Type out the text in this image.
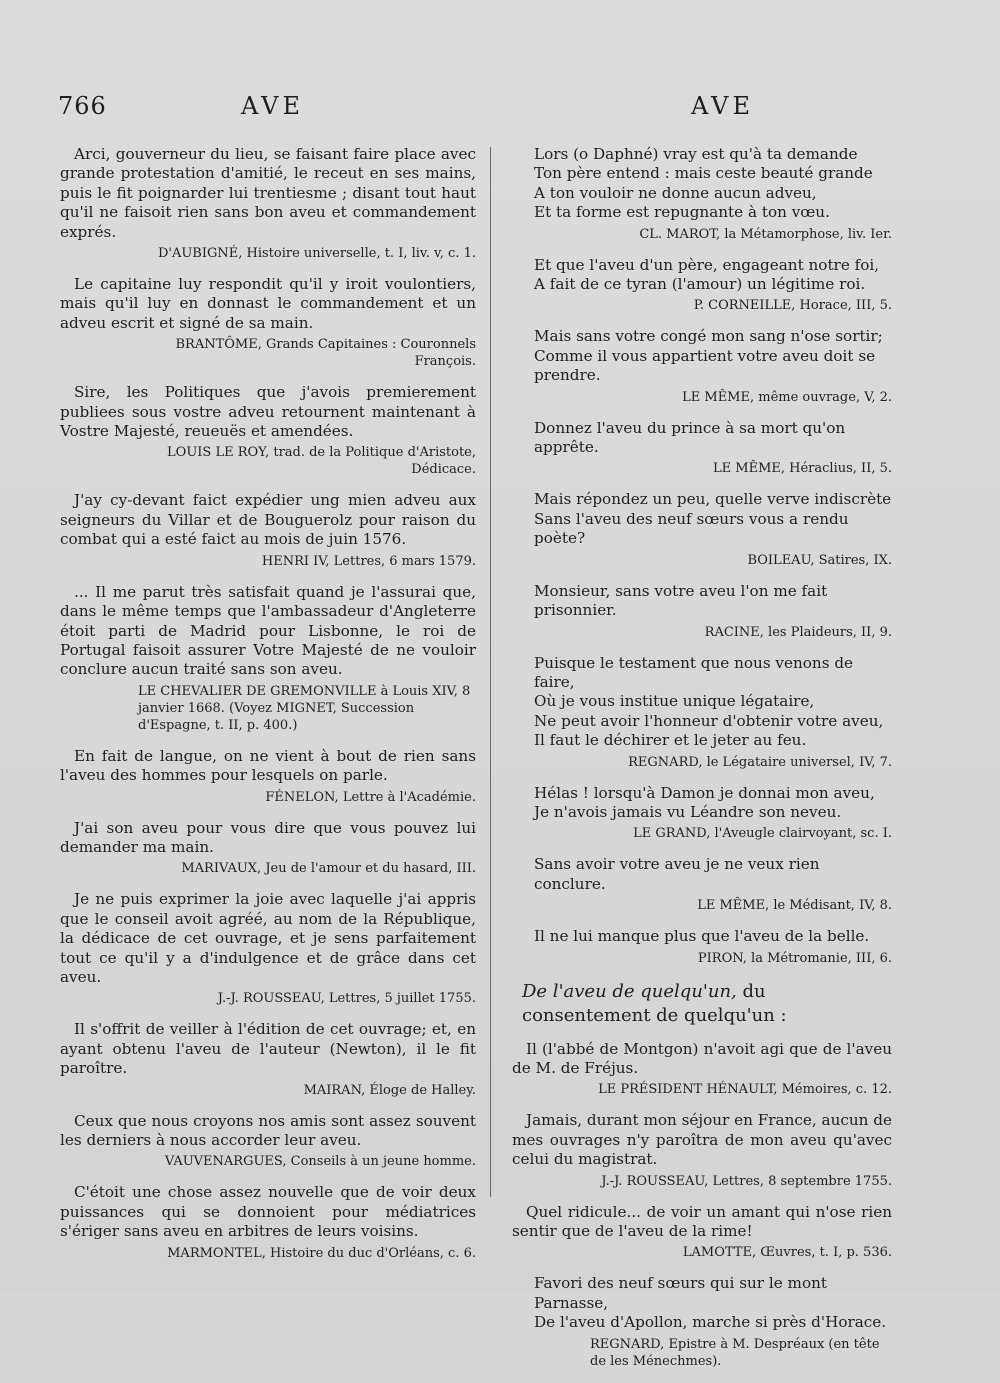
766	AVE	AVE
Arci, gouverneur du lieu, se faisant faire place avec grande protestation d'amitié, le receut en ses mains, puis le fit poignarder lui trentiesme ; disant tout haut qu'il ne faisoit rien sans bon aveu et commandement exprés.
D'AUBIGNÉ, Histoire universelle, t. I, liv. v, c. 1.
Le capitaine luy respondit qu'il y iroit voulontiers, mais qu'il luy en donnast le commandement et un adveu escrit et signé de sa main.
BRANTÔME, Grands Capitaines : Couronnels François.
Sire, les Politiques que j'avois premierement publiees sous vostre adveu retournent maintenant à Vostre Majesté, reueuës et amendées.
LOUIS LE ROY, trad. de la Politique d'Aristote, Dédicace.
J'ay cy-devant faict expédier ung mien adveu aux seigneurs du Villar et de Bouguerolz pour raison du combat qui a esté faict au mois de juin 1576.
HENRI IV, Lettres, 6 mars 1579.
... Il me parut très satisfait quand je l'assurai que, dans le même temps que l'ambassadeur d'Angleterre étoit parti de Madrid pour Lisbonne, le roi de Portugal faisoit assurer Votre Majesté de ne vouloir conclure aucun traité sans son aveu.
LE CHEVALIER DE GREMONVILLE à Louis XIV, 8 janvier 1668. (Voyez MIGNET, Succession d'Espagne, t. II, p. 400.)
En fait de langue, on ne vient à bout de rien sans l'aveu des hommes pour lesquels on parle.
FÉNELON, Lettre à l'Académie.
J'ai son aveu pour vous dire que vous pouvez lui demander ma main.
MARIVAUX, Jeu de l'amour et du hasard, III.
Je ne puis exprimer la joie avec laquelle j'ai appris que le conseil avoit agréé, au nom de la République, la dédicace de cet ouvrage, et je sens parfaitement tout ce qu'il y a d'indulgence et de grâce dans cet aveu.
J.-J. ROUSSEAU, Lettres, 5 juillet 1755.
Il s'offrit de veiller à l'édition de cet ouvrage; et, en ayant obtenu l'aveu de l'auteur (Newton), il le fit paroître.
MAIRAN, Éloge de Halley.
Ceux que nous croyons nos amis sont assez souvent les derniers à nous accorder leur aveu.
VAUVENARGUES, Conseils à un jeune homme.
C'étoit une chose assez nouvelle que de voir deux puissances qui se donnoient pour médiatrices s'ériger sans aveu en arbitres de leurs voisins.
MARMONTEL, Histoire du duc d'Orléans, c. 6.
Lors (o Daphné) vray est qu'à ta demande
Ton père entend : mais ceste beauté grande
A ton vouloir ne donne aucun adveu,
Et ta forme est repugnante à ton vœu.
CL. MAROT, la Métamorphose, liv. Ier.
Et que l'aveu d'un père, engageant notre foi,
A fait de ce tyran (l'amour) un légitime roi.
P. CORNEILLE, Horace, III, 5.
Mais sans votre congé mon sang n'ose sortir;
Comme il vous appartient votre aveu doit se prendre.
LE MÊME, même ouvrage, V, 2.
Donnez l'aveu du prince à sa mort qu'on apprête.
LE MÊME, Héraclius, II, 5.
Mais répondez un peu, quelle verve indiscrète
Sans l'aveu des neuf sœurs vous a rendu poète?
BOILEAU, Satires, IX.
Monsieur, sans votre aveu l'on me fait prisonnier.
RACINE, les Plaideurs, II, 9.
Puisque le testament que nous venons de faire,
Où je vous institue unique légataire,
Ne peut avoir l'honneur d'obtenir votre aveu,
Il faut le déchirer et le jeter au feu.
REGNARD, le Légataire universel, IV, 7.
Hélas ! lorsqu'à Damon je donnai mon aveu,
Je n'avois jamais vu Léandre son neveu.
LE GRAND, l'Aveugle clairvoyant, sc. I.
Sans avoir votre aveu je ne veux rien conclure.
LE MÊME, le Médisant, IV, 8.
Il ne lui manque plus que l'aveu de la belle.
PIRON, la Métromanie, III, 6.
De l'aveu de quelqu'un, du consentement de quelqu'un :
Il (l'abbé de Montgon) n'avoit agi que de l'aveu de M. de Fréjus.
LE PRÉSIDENT HÉNAULT, Mémoires, c. 12.
Jamais, durant mon séjour en France, aucun de mes ouvrages n'y paroîtra de mon aveu qu'avec celui du magistrat.
J.-J. ROUSSEAU, Lettres, 8 septembre 1755.
Quel ridicule... de voir un amant qui n'ose rien sentir que de l'aveu de la rime!
LAMOTTE, Œuvres, t. I, p. 536.
Favori des neuf sœurs qui sur le mont Parnasse,
De l'aveu d'Apollon, marche si près d'Horace.
REGNARD, Epistre à M. Despréaux (en tête de les Ménechmes).
